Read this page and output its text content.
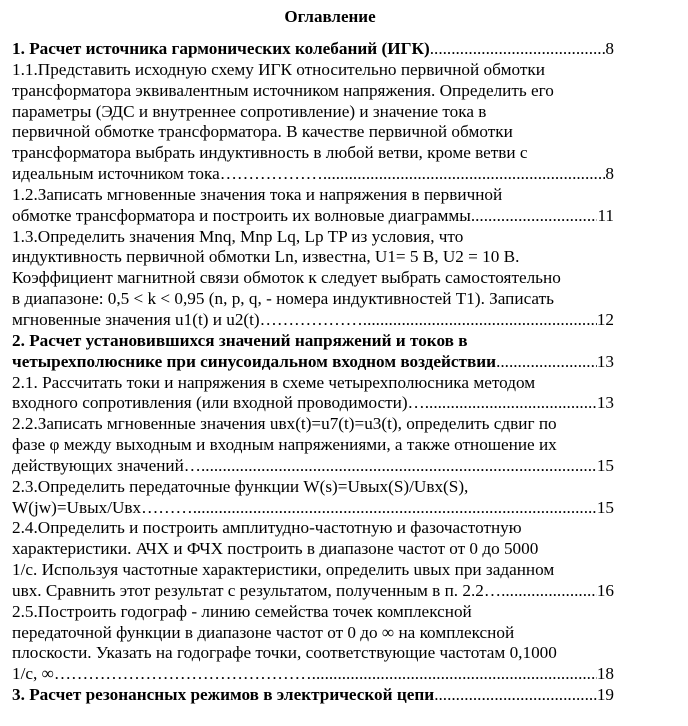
Оглавление
1. Расчет источника гармонических колебаний (ИГК) .....	8
1.1.Представить исходную схему ИГК относительно первичной обмотки
трансформатора эквивалентным источником напряжения. Определить его
параметры (ЭДС и внутреннее сопротивление) и значение тока в
первичной обмотке трансформатора. В качестве первичной обмотки
трансформатора выбрать индуктивность в любой ветви, кроме ветви с
идеальным источником тока……………… .....	8
1.2.Записать мгновенные значения тока и напряжения в первичной
обмотке трансформатора и построить их волновые диаграммы .....	11
1.3.Определить значения Mnq, Mnp Lq, Lp TP из условия, что
индуктивность первичной обмотки Ln, известна, U1= 5 В, U2 = 10 В.
Коэффициент магнитной связи обмоток к следует выбрать самостоятельно
в диапазоне: 0,5 < k < 0,95 (n, p, q, - номера индуктивностей T1). Записать
мгновенные значения u1(t) и u2(t)……………… .....	12
2. Расчет установившихся значений напряжений и токов в
четырехполюснике при синусоидальном входном воздействии .....	13
2.1. Рассчитать токи и напряжения в схеме четырехполюсника методом
входного сопротивления (или входной проводимости)… .....	13
2.2.Записать мгновенные значения uвх(t)=u7(t)=u3(t), определить сдвиг по
фазе φ между выходным и входным напряжениями, а также отношение их
действующих значений… .....	15
2.3.Определить передаточные функции W(s)=Uвых(S)/Uвх(S),
W(jw)=Uвых/Uвх……… .....	15
2.4.Определить и построить амплитудно-частотную и фазочастотную
характеристики. АЧХ и ФЧХ построить в диапазоне частот от 0 до 5000
1/с. Используя частотные характеристики, определить uвых при заданном
uвх. Сравнить этот результат с результатом, полученным в п. 2.2… .....	16
2.5.Построить годограф - линию семейства точек комплексной
передаточной функции в диапазоне частот от 0 до ∞ на комплексной
плоскости. Указать на годографе точки, соответствующие частотам 0,1000
1/с, ∞……………………………………… .....	18
3. Расчет резонансных режимов в электрической цепи .....	19
